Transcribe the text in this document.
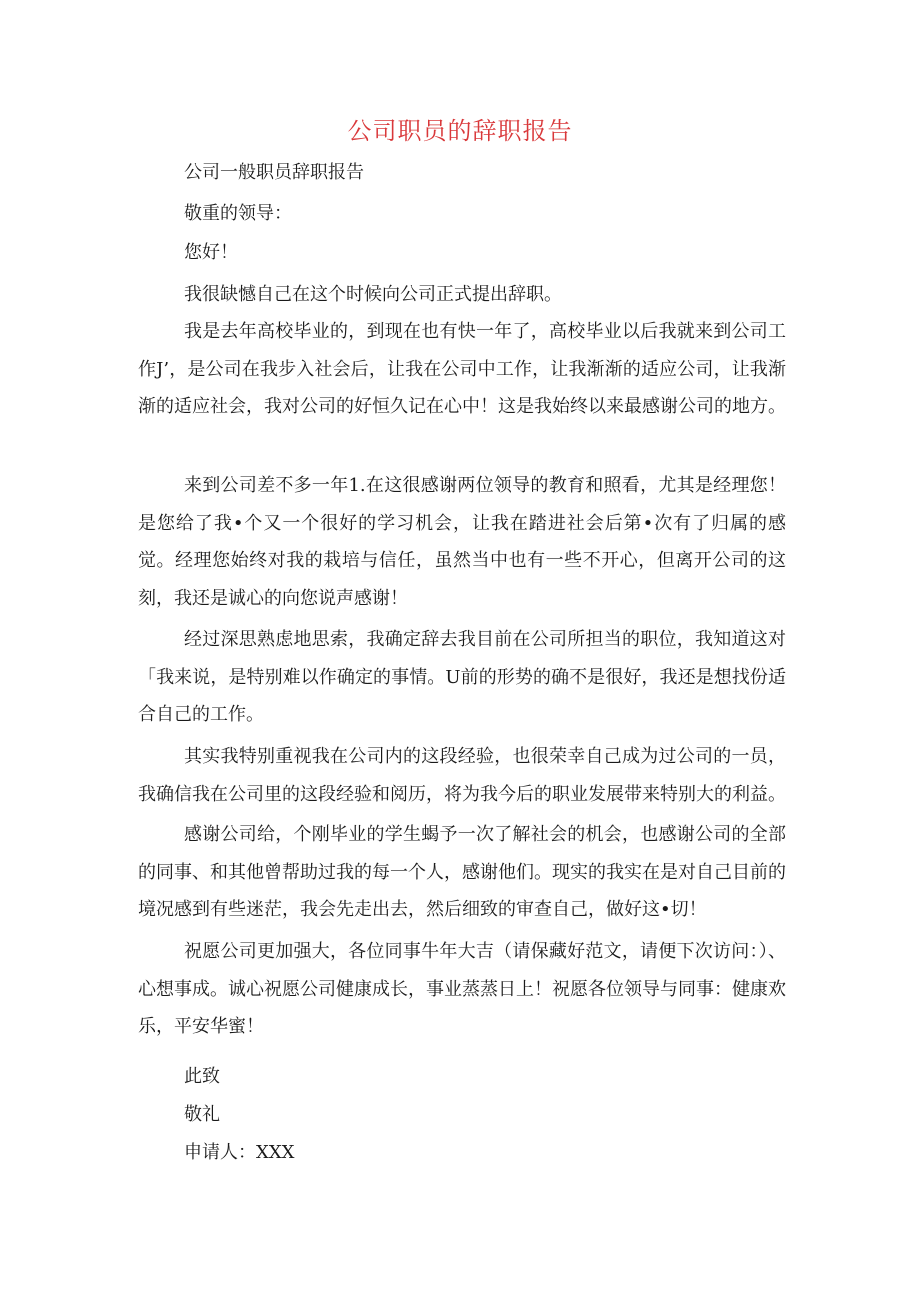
公司职员的辞职报告
公司一般职员辞职报告
敬重的领导：
您好！
我很缺憾自己在这个时候向公司正式提出辞职。
我是去年高校毕业的，到现在也有快一年了，高校毕业以后我就来到公司工作J’，是公司在我步入社会后，让我在公司中工作，让我渐渐的适应公司，让我渐渐的适应社会，我对公司的好恒久记在心中！这是我始终以来最感谢公司的地方。
来到公司差不多一年1.在这很感谢两位领导的教育和照看，尤其是经理您！是您给了我•个又一个很好的学习机会，让我在踏进社会后第•次有了归属的感觉。经理您始终对我的栽培与信任，虽然当中也有一些不开心，但离开公司的这刻，我还是诚心的向您说声感谢！
经过深思熟虑地思索，我确定辞去我目前在公司所担当的职位，我知道这对「我来说，是特别难以作确定的事情。U前的形势的确不是很好，我还是想找份适合自己的工作。
其实我特别重视我在公司内的这段经验，也很荣幸自己成为过公司的一员，我确信我在公司里的这段经验和阅历，将为我今后的职业发展带来特别大的利益。
感谢公司给，个刚毕业的学生蝎予一次了解社会的机会，也感谢公司的全部的同事、和其他曾帮助过我的每一个人，感谢他们。现实的我实在是对自己目前的境况感到有些迷茫，我会先走出去，然后细致的审查自己，做好这•切！
祝愿公司更加强大，各位同事牛年大吉（请保藏好范文，请便下次访问：）、心想事成。诚心祝愿公司健康成长，事业蒸蒸日上！祝愿各位领导与同事：健康欢乐，平安华蜜！
此致
敬礼
申请人：XXX
